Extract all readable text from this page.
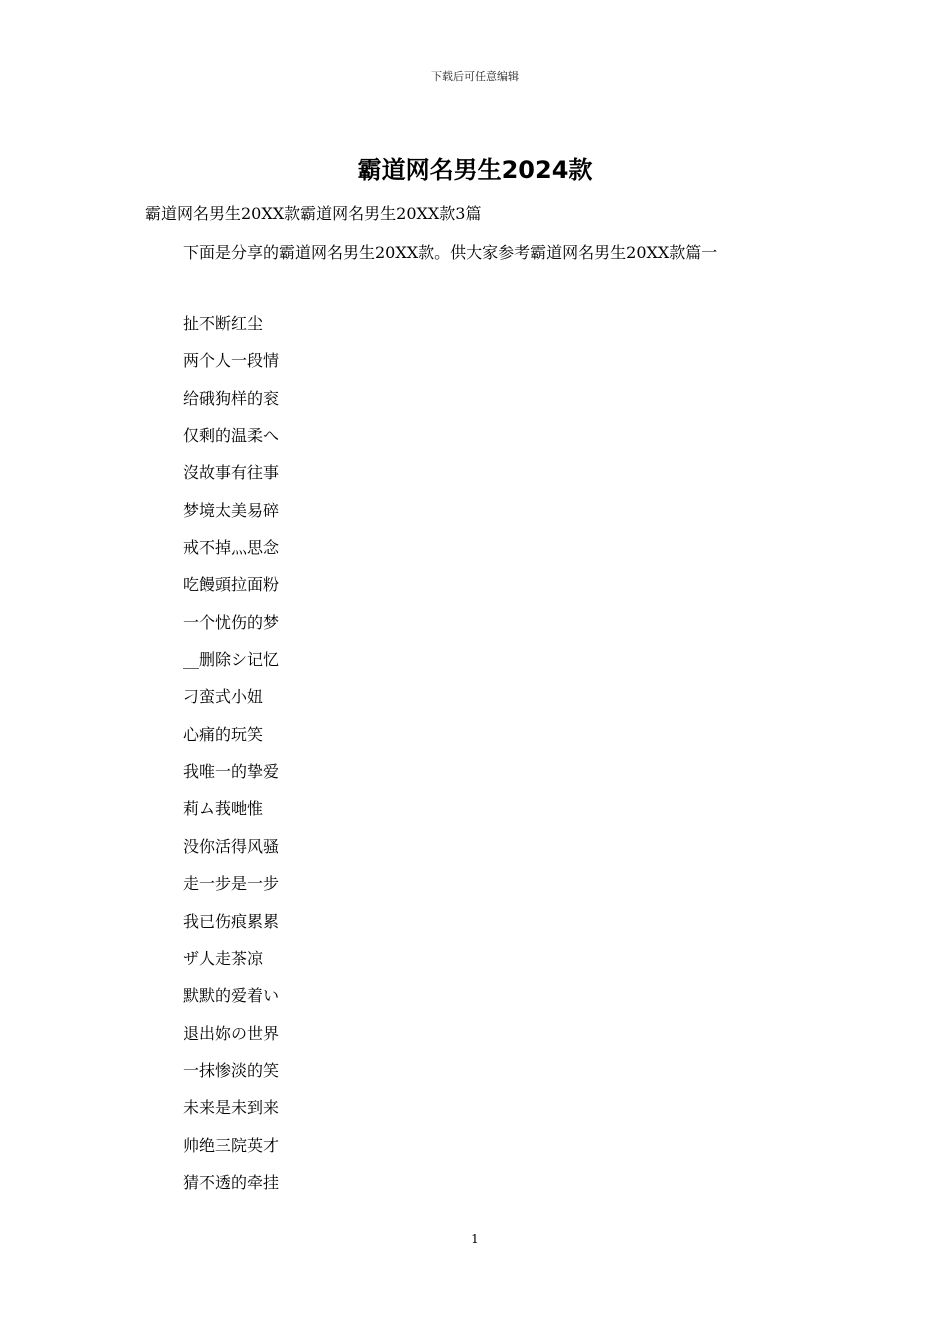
下载后可任意编辑
霸道网名男生2024款
霸道网名男生20XX款霸道网名男生20XX款3篇

下面是分享的霸道网名男生20XX款。供大家参考霸道网名男生20XX款篇一

扯不断红尘
两个人一段情
给硪狗样的衮
仅剩的温柔へ
沒故事有往事
梦境太美易碎
戒不掉灬思念
吃饅頭拉面粉
一个忧伤的梦
__删除シ记忆
刁蛮式小妞
心痛的玩笑
我唯一的挚爱
莉ム莪哋惟
没你活得风骚
走一步是一步
我已伤痕累累
ザ人走茶凉
默默的爱着い
退出妳の世界
一抹惨淡的笑
未来是未到来
帅绝三院英才
猜不透的牵挂
1
